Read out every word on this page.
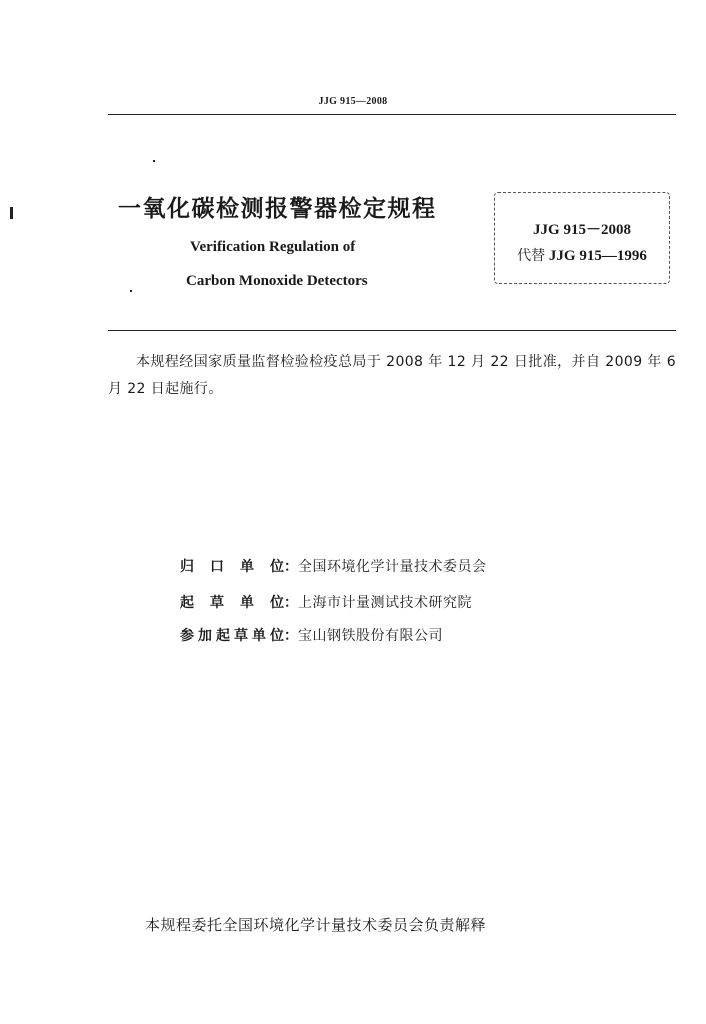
JJG 915—2008
一氧化碳检测报警器检定规程
Verification Regulation of
Carbon Monoxide Detectors
JJG 915－2008
代替 JJG 915—1996
本规程经国家质量监督检验检疫总局于 2008 年 12 月 22 日批准，并自 2009 年 6 月 22 日起施行。
归口单位 ： 全国环境化学计量技术委员会
起草单位 ： 上海市计量测试技术研究院
参加起草单位 ： 宝山钢铁股份有限公司
本规程委托全国环境化学计量技术委员会负责解释
